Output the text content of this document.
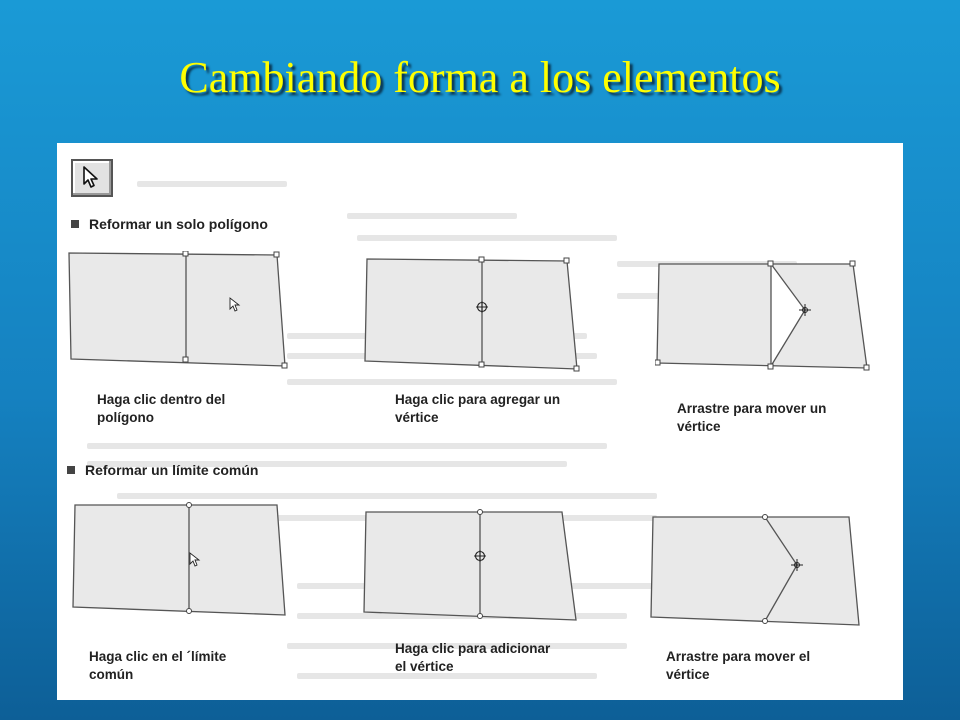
Cambiando forma a los elementos
Reformar un solo polígono
Haga clic dentro del polígono
Haga clic para agregar un vértice
Arrastre para mover un vértice
Reformar un límite común
Haga clic en el ´límite común
Haga clic para adicionar el vértice
Arrastre para mover el vértice
